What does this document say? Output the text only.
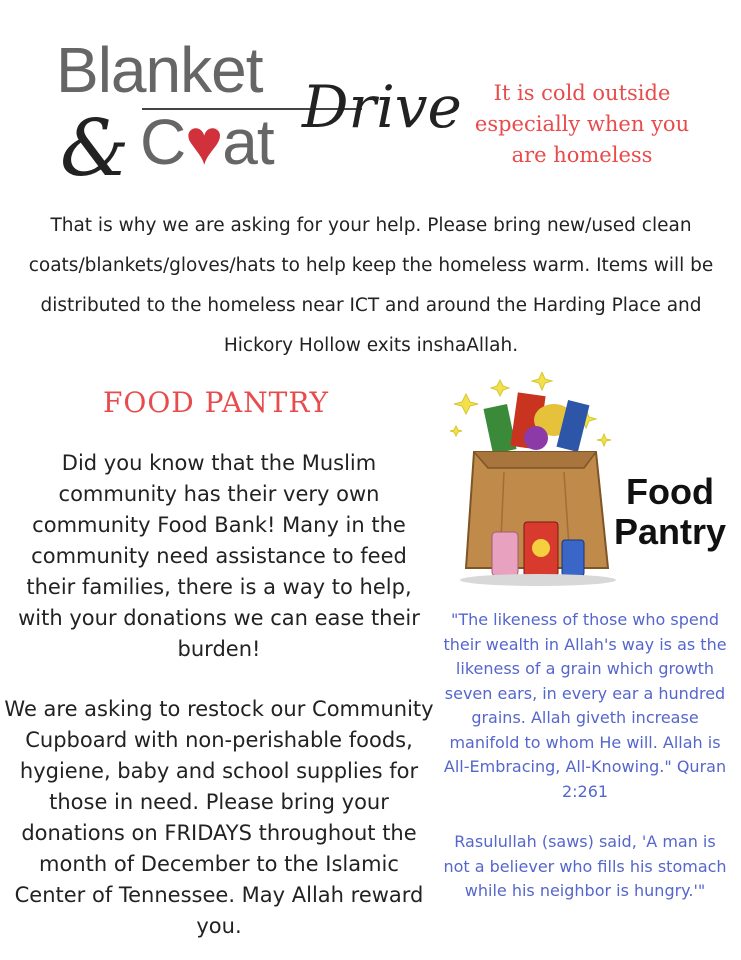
Blanket
& C♥at Drive	It is cold outside especially when you are homeless
That is why we are asking for your help. Please bring new/used clean coats/blankets/gloves/hats to help keep the homeless warm. Items will be distributed to the homeless near ICT and around the Harding Place and Hickory Hollow exits inshaAllah.
FOOD PANTRY
Did you know that the Muslim community has their very own community Food Bank! Many in the community need assistance to feed their families, there is a way to help, with your donations we can ease their burden!
We are asking to restock our Community Cupboard with non-perishable foods, hygiene, baby and school supplies for those in need. Please bring your donations on FRIDAYS throughout the month of December to the Islamic Center of Tennessee. May Allah reward you.
Food
Pantry
"The likeness of those who spend their wealth in Allah's way is as the likeness of a grain which growth seven ears, in every ear a hundred grains. Allah giveth increase manifold to whom He will. Allah is All-Embracing, All-Knowing." Quran 2:261
Rasulullah (saws) said, 'A man is not a believer who fills his stomach while his neighbor is hungry.'"
